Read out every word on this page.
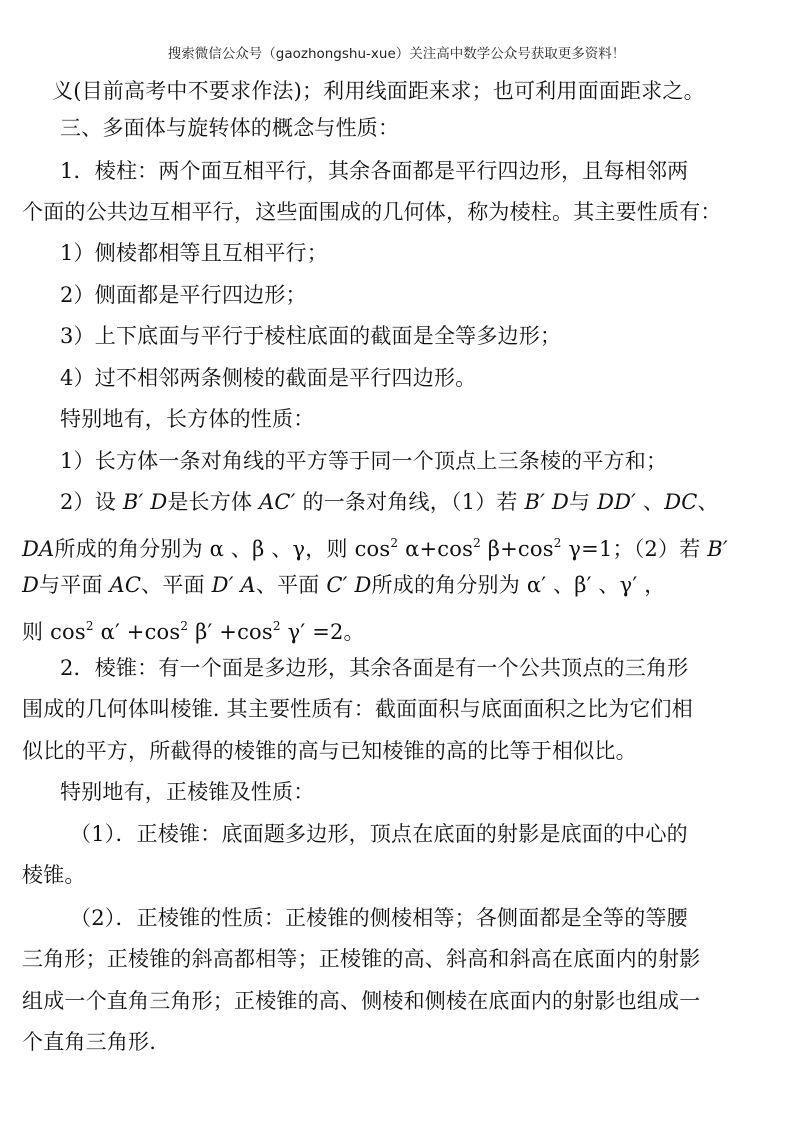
搜索微信公众号（gaozhongshu-xue）关注高中数学公众号获取更多资料！
义(目前高考中不要求作法)；利用线面距来求；也可利用面面距求之。
三、多面体与旋转体的概念与性质：
1．棱柱：两个面互相平行，其余各面都是平行四边形，且每相邻两
个面的公共边互相平行，这些面围成的几何体，称为棱柱。其主要性质有：
1）侧棱都相等且互相平行；
2）侧面都是平行四边形；
3）上下底面与平行于棱柱底面的截面是全等多边形；
4）过不相邻两条侧棱的截面是平行四边形。
特别地有，长方体的性质：
1）长方体一条对角线的平方等于同一个顶点上三条棱的平方和；
2）设 B′ D是长方体 AC′ 的一条对角线，（1）若 B′ D与 DD′ 、DC、
DA所成的角分别为 α 、β 、γ，则 $\cos^2 \alpha+\cos^2$ $\beta+\cos^2$ γ=1；（2）若 B′
D与平面 AC、平面 D′ A、平面 C′ D所成的角分别为 α′ 、β′ 、γ′ ，
则 $\cos^2 \alpha' +\cos^2$ $\beta' +\cos^2$ γ′ =2。
2．棱锥：有一个面是多边形，其余各面是有一个公共顶点的三角形
围成的几何体叫棱锥. 其主要性质有：截面面积与底面面积之比为它们相
似比的平方，所截得的棱锥的高与已知棱锥的高的比等于相似比。
特别地有，正棱锥及性质：
（1）．正棱锥：底面题多边形，顶点在底面的射影是底面的中心的
棱锥。
（2）．正棱锥的性质：正棱锥的侧棱相等；各侧面都是全等的等腰
三角形；正棱锥的斜高都相等；正棱锥的高、斜高和斜高在底面内的射影
组成一个直角三角形；正棱锥的高、侧棱和侧棱在底面内的射影也组成一
个直角三角形.
